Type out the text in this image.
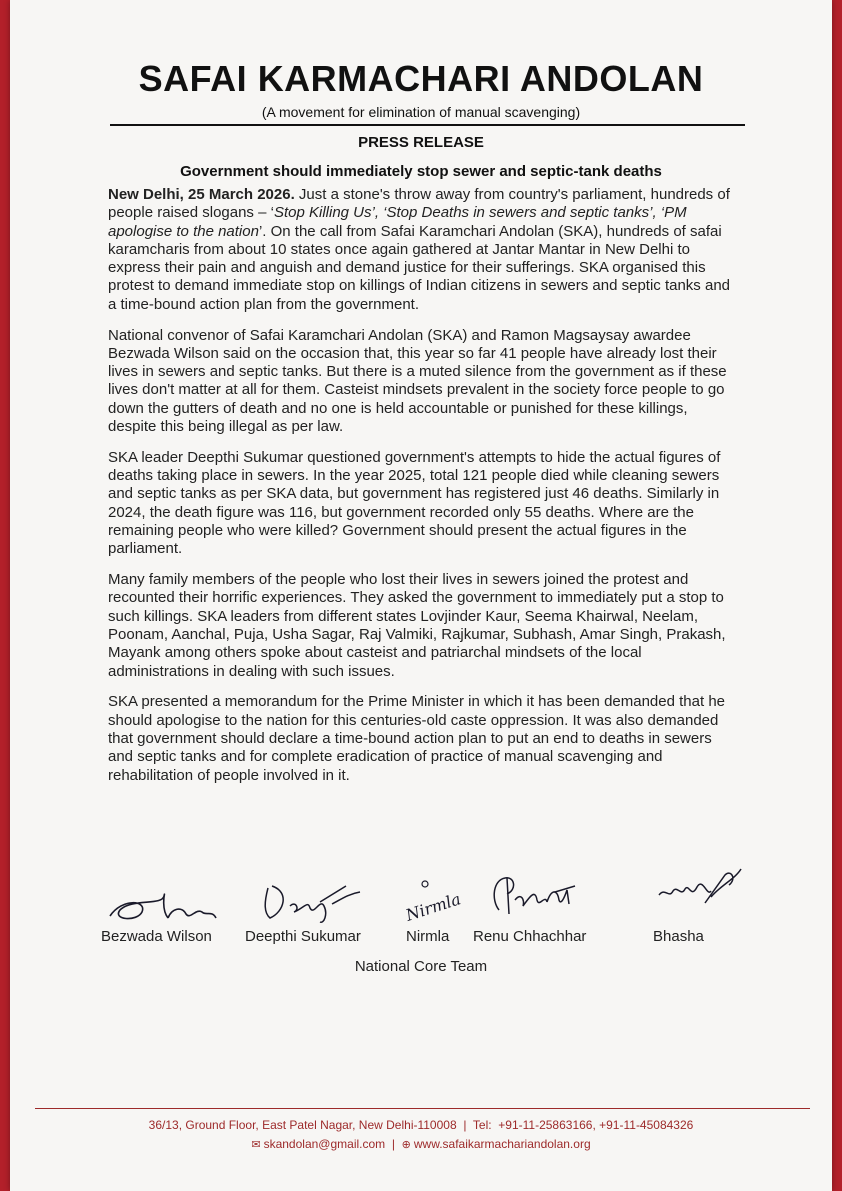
SAFAI KARMACHARI ANDOLAN
(A movement for elimination of manual scavenging)
PRESS RELEASE
Government should immediately stop sewer and septic-tank deaths

New Delhi, 25 March 2026. Just a stone's throw away from country's parliament, hundreds of people raised slogans – ‘Stop Killing Us’, ‘Stop Deaths in sewers and septic tanks’, ‘PM apologise to the nation’. On the call from Safai Karamchari Andolan (SKA), hundreds of safai karamcharis from about 10 states once again gathered at Jantar Mantar in New Delhi to express their pain and anguish and demand justice for their sufferings. SKA organised this protest to demand immediate stop on killings of Indian citizens in sewers and septic tanks and a time-bound action plan from the government.

National convenor of Safai Karamchari Andolan (SKA) and Ramon Magsaysay awardee Bezwada Wilson said on the occasion that, this year so far 41 people have already lost their lives in sewers and septic tanks. But there is a muted silence from the government as if these lives don't matter at all for them. Casteist mindsets prevalent in the society force people to go down the gutters of death and no one is held accountable or punished for these killings, despite this being illegal as per law.

SKA leader Deepthi Sukumar questioned government's attempts to hide the actual figures of deaths taking place in sewers. In the year 2025, total 121 people died while cleaning sewers and septic tanks as per SKA data, but government has registered just 46 deaths. Similarly in 2024, the death figure was 116, but government recorded only 55 deaths. Where are the remaining people who were killed? Government should present the actual figures in the parliament.

Many family members of the people who lost their lives in sewers joined the protest and recounted their horrific experiences. They asked the government to immediately put a stop to such killings. SKA leaders from different states Lovjinder Kaur, Seema Khairwal, Neelam, Poonam, Aanchal, Puja, Usha Sagar, Raj Valmiki, Rajkumar, Subhash, Amar Singh, Prakash, Mayank among others spoke about casteist and patriarchal mindsets of the local administrations in dealing with such issues.

SKA presented a memorandum for the Prime Minister in which it has been demanded that he should apologise to the nation for this centuries-old caste oppression. It was also demanded that government should declare a time-bound action plan to put an end to deaths in sewers and septic tanks and for complete eradication of practice of manual scavenging and rehabilitation of people involved in it.

Nirmla
Bezwada Wilson Deepthi Sukumar	Nirmla Renu Chhachhar	Bhasha
National Core Team
36/13, Ground Floor, East Patel Nagar, New Delhi-110008  |  Tel: +91-11-25863166, +91-11-45084326
✉ skandolan@gmail.com  |  ⊕ www.safaikarmachariandolan.org
